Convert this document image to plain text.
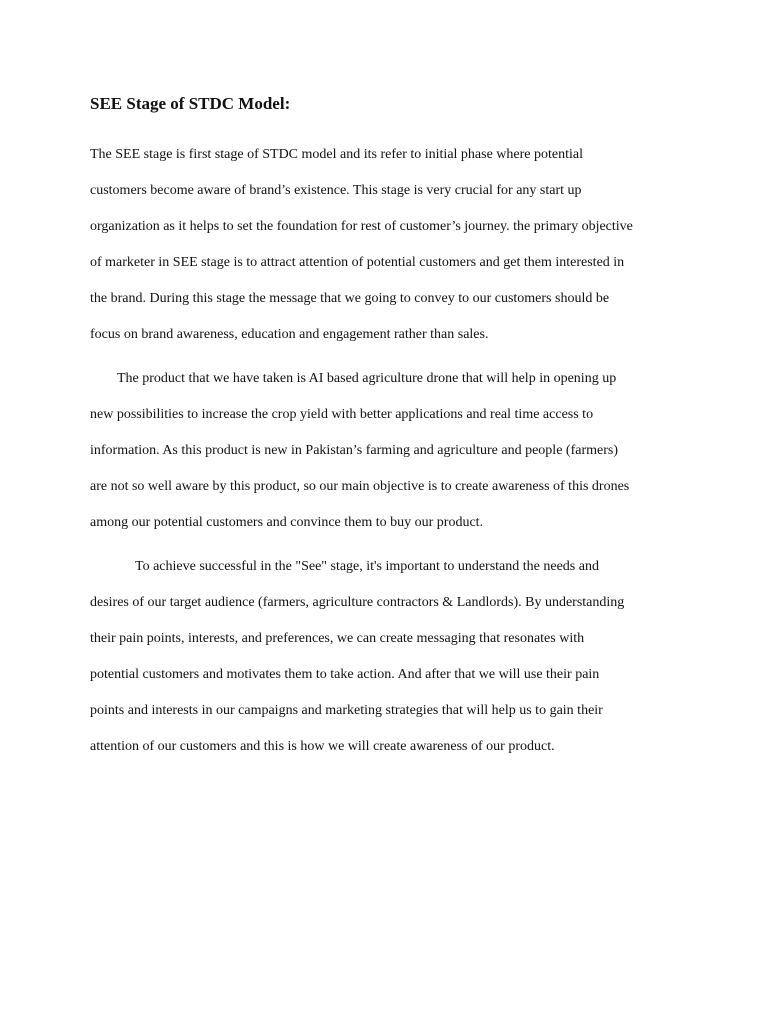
SEE Stage of STDC Model:

The SEE stage is first stage of STDC model and its refer to initial phase where potential
customers become aware of brand’s existence. This stage is very crucial for any start up
organization as it helps to set the foundation for rest of customer’s journey. the primary objective
of marketer in SEE stage is to attract attention of potential customers and get them interested in
the brand. During this stage the message that we going to convey to our customers should be
focus on brand awareness, education and engagement rather than sales.

The product that we have taken is AI based agriculture drone that will help in opening up
new possibilities to increase the crop yield with better applications and real time access to
information. As this product is new in Pakistan’s farming and agriculture and people (farmers)
are not so well aware by this product, so our main objective is to create awareness of this drones
among our potential customers and convince them to buy our product.

To achieve successful in the "See" stage, it's important to understand the needs and
desires of our target audience (farmers, agriculture contractors & Landlords). By understanding
their pain points, interests, and preferences, we can create messaging that resonates with
potential customers and motivates them to take action. And after that we will use their pain
points and interests in our campaigns and marketing strategies that will help us to gain their
attention of our customers and this is how we will create awareness of our product.
